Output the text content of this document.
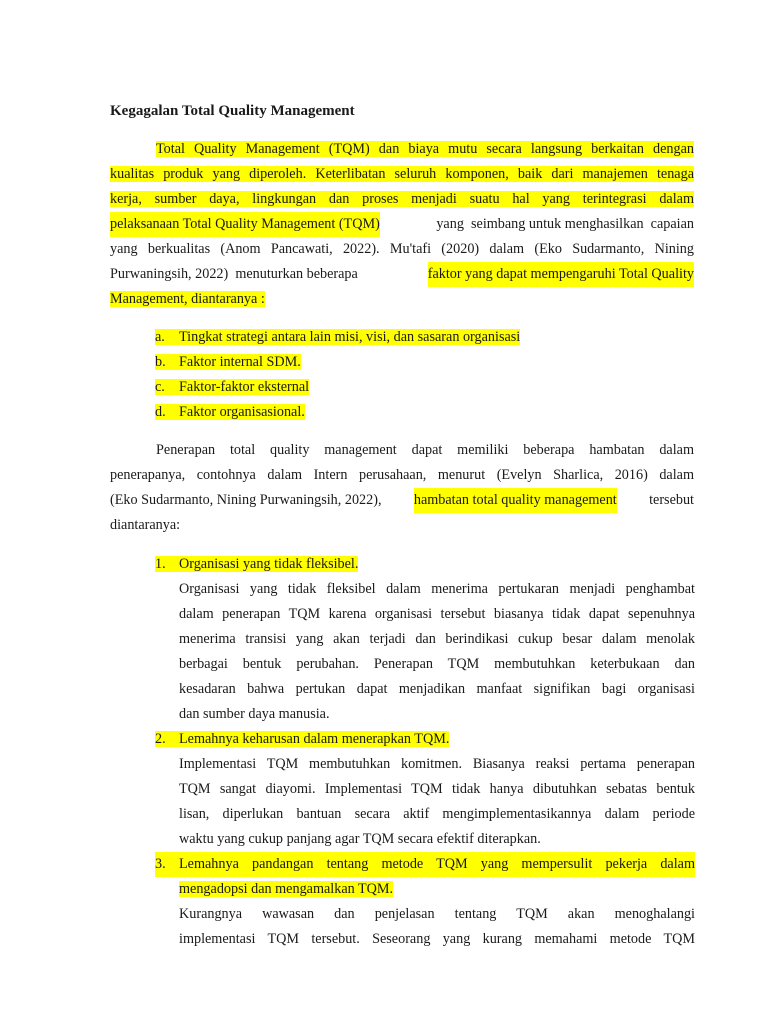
Kegagalan Total Quality Management
Total Quality Management (TQM) dan biaya mutu secara langsung berkaitan dengan
kualitas produk yang diperoleh. Keterlibatan seluruh komponen, baik dari manajemen tenaga
kerja, sumber daya, lingkungan dan proses menjadi suatu hal yang terintegrasi dalam
pelaksanaan Total Quality Management (TQM)	yang  seimbang untuk menghasilkan  capaian
yang berkualitas (Anom Pancawati, 2022). Mu'tafi (2020) dalam (Eko Sudarmanto, Nining
Purwaningsih, 2022)  menuturkan beberapa	faktor yang dapat mempengaruhi Total Quality
Management, diantaranya :
a. Tingkat strategi antara lain misi, visi, dan sasaran organisasi
b. Faktor internal SDM.
c. Faktor-faktor eksternal
d. Faktor organisasional.
Penerapan total quality management dapat memiliki beberapa hambatan dalam
penerapanya, contohnya dalam Intern perusahaan, menurut (Evelyn Sharlica, 2016) dalam
(Eko Sudarmanto, Nining Purwaningsih, 2022), hambatan total quality management tersebut
diantaranya:
1. Organisasi yang tidak fleksibel.
Organisasi yang tidak fleksibel dalam menerima pertukaran menjadi penghambat
dalam penerapan TQM karena organisasi tersebut biasanya tidak dapat sepenuhnya
menerima transisi yang akan terjadi dan berindikasi cukup besar dalam menolak
berbagai bentuk perubahan. Penerapan TQM membutuhkan keterbukaan dan
kesadaran bahwa pertukan dapat menjadikan manfaat signifikan bagi organisasi
dan sumber daya manusia.
2. Lemahnya keharusan dalam menerapkan TQM.
Implementasi TQM membutuhkan komitmen. Biasanya reaksi pertama penerapan
TQM sangat diayomi. Implementasi TQM tidak hanya dibutuhkan sebatas bentuk
lisan, diperlukan bantuan secara aktif mengimplementasikannya dalam periode
waktu yang cukup panjang agar TQM secara efektif diterapkan.
3. Lemahnya pandangan tentang metode TQM yang mempersulit pekerja dalam
mengadopsi dan mengamalkan TQM.
Kurangnya wawasan dan penjelasan tentang TQM akan menoghalangi
implementasi TQM tersebut. Seseorang yang kurang memahami metode TQM
